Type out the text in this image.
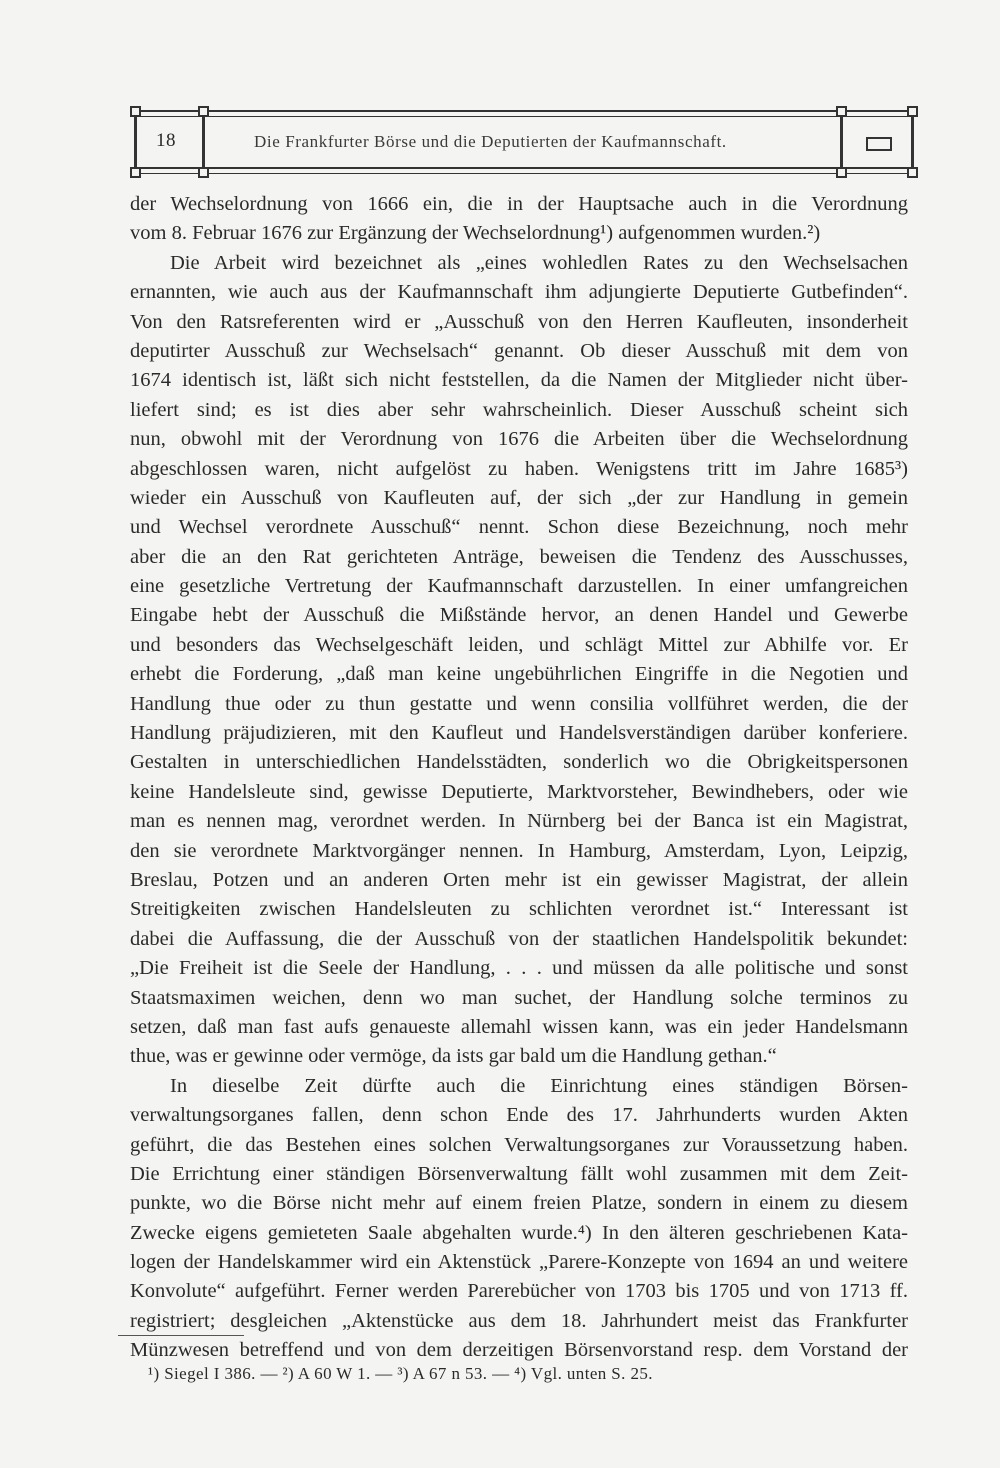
18	Die Frankfurter Börse und die Deputierten der Kaufmannschaft.
der Wechselordnung von 1666 ein, die in der Hauptsache auch in die Verordnung
vom 8. Februar 1676 zur Ergänzung der Wechselordnung¹) aufgenommen wurden.²)
Die Arbeit wird bezeichnet als „eines wohledlen Rates zu den Wechselsachen
ernannten, wie auch aus der Kaufmannschaft ihm adjungierte Deputierte Gutbefinden“.
Von den Ratsreferenten wird er „Ausschuß von den Herren Kaufleuten, insonderheit
deputirter Ausschuß zur Wechselsach“ genannt. Ob dieser Ausschuß mit dem von
1674 identisch ist, läßt sich nicht feststellen, da die Namen der Mitglieder nicht über-
liefert sind; es ist dies aber sehr wahrscheinlich. Dieser Ausschuß scheint sich
nun, obwohl mit der Verordnung von 1676 die Arbeiten über die Wechselordnung
abgeschlossen waren, nicht aufgelöst zu haben. Wenigstens tritt im Jahre 1685³)
wieder ein Ausschuß von Kaufleuten auf, der sich „der zur Handlung in gemein
und Wechsel verordnete Ausschuß“ nennt. Schon diese Bezeichnung, noch mehr
aber die an den Rat gerichteten Anträge, beweisen die Tendenz des Ausschusses,
eine gesetzliche Vertretung der Kaufmannschaft darzustellen. In einer umfangreichen
Eingabe hebt der Ausschuß die Mißstände hervor, an denen Handel und Gewerbe
und besonders das Wechselgeschäft leiden, und schlägt Mittel zur Abhilfe vor. Er
erhebt die Forderung, „daß man keine ungebührlichen Eingriffe in die Negotien und
Handlung thue oder zu thun gestatte und wenn consilia vollführet werden, die der
Handlung präjudizieren, mit den Kaufleut und Handelsverständigen darüber konferiere.
Gestalten in unterschiedlichen Handelsstädten, sonderlich wo die Obrigkeitspersonen
keine Handelsleute sind, gewisse Deputierte, Marktvorsteher, Bewindhebers, oder wie
man es nennen mag, verordnet werden. In Nürnberg bei der Banca ist ein Magistrat,
den sie verordnete Marktvorgänger nennen. In Hamburg, Amsterdam, Lyon, Leipzig,
Breslau, Potzen und an anderen Orten mehr ist ein gewisser Magistrat, der allein
Streitigkeiten zwischen Handelsleuten zu schlichten verordnet ist.“ Interessant ist
dabei die Auffassung, die der Ausschuß von der staatlichen Handelspolitik bekundet:
„Die Freiheit ist die Seele der Handlung, . . . und müssen da alle politische und sonst
Staatsmaximen weichen, denn wo man suchet, der Handlung solche terminos zu
setzen, daß man fast aufs genaueste allemahl wissen kann, was ein jeder Handelsmann
thue, was er gewinne oder vermöge, da ists gar bald um die Handlung gethan.“
In dieselbe Zeit dürfte auch die Einrichtung eines ständigen Börsen-
verwaltungsorganes fallen, denn schon Ende des 17. Jahrhunderts wurden Akten
geführt, die das Bestehen eines solchen Verwaltungsorganes zur Voraussetzung haben.
Die Errichtung einer ständigen Börsenverwaltung fällt wohl zusammen mit dem Zeit-
punkte, wo die Börse nicht mehr auf einem freien Platze, sondern in einem zu diesem
Zwecke eigens gemieteten Saale abgehalten wurde.⁴) In den älteren geschriebenen Kata-
logen der Handelskammer wird ein Aktenstück „Parere-Konzepte von 1694 an und weitere
Konvolute“ aufgeführt. Ferner werden Parerebücher von 1703 bis 1705 und von 1713 ff.
registriert; desgleichen „Aktenstücke aus dem 18. Jahrhundert meist das Frankfurter
Münzwesen betreffend und von dem derzeitigen Börsenvorstand resp. dem Vorstand der
¹) Siegel I 386. — ²) A 60 W 1. — ³) A 67 n 53. — ⁴) Vgl. unten S. 25.
